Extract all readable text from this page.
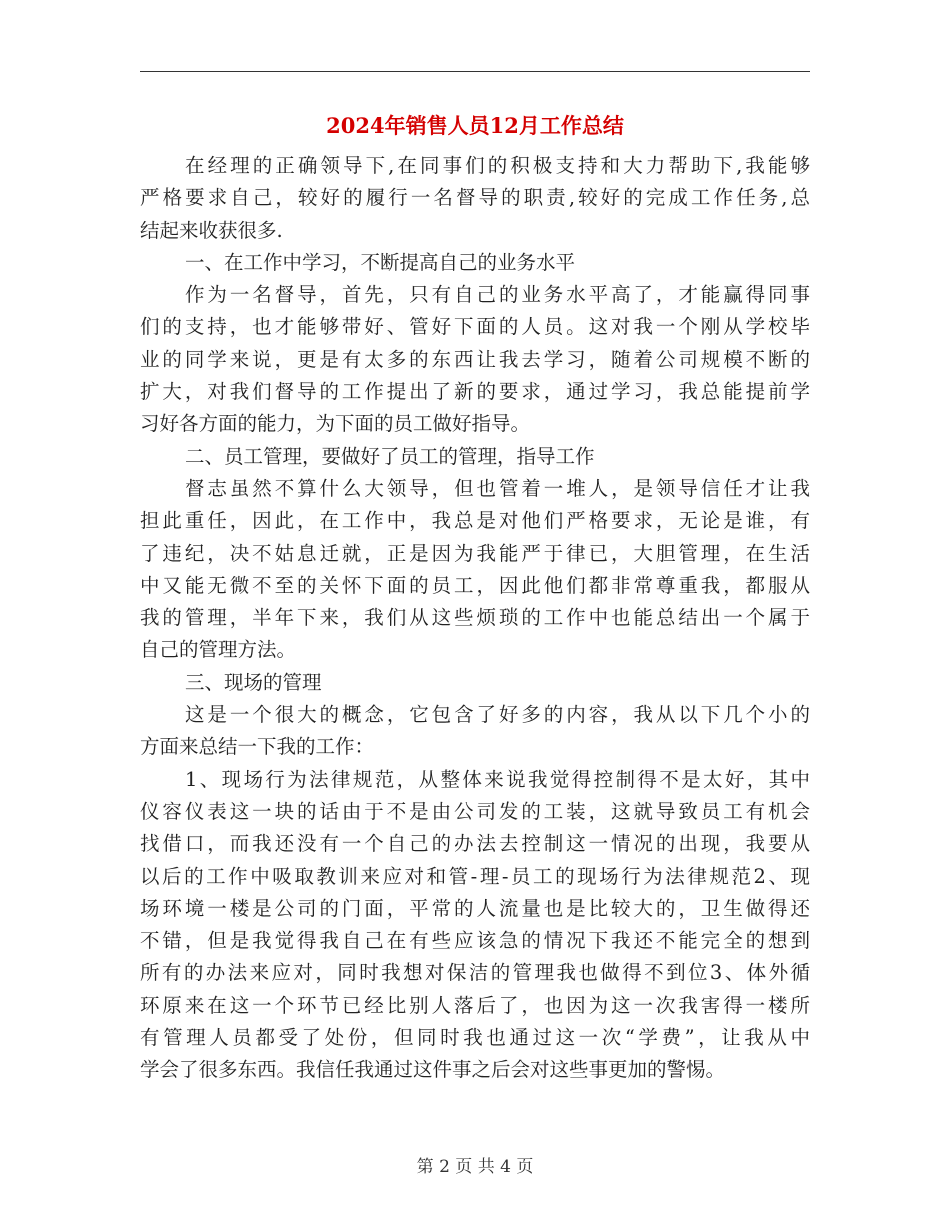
2024年销售人员12月工作总结
在经理的正确领导下,在同事们的积极支持和大力帮助下,我能够
严格要求自己，较好的履行一名督导的职责,较好的完成工作任务,总
结起来收获很多.
一、在工作中学习，不断提高自己的业务水平
作为一名督导，首先，只有自己的业务水平高了，才能赢得同事
们的支持，也才能够带好、管好下面的人员。这对我一个刚从学校毕
业的同学来说，更是有太多的东西让我去学习，随着公司规模不断的
扩大，对我们督导的工作提出了新的要求，通过学习，我总能提前学
习好各方面的能力，为下面的员工做好指导。
二、员工管理，要做好了员工的管理，指导工作
督志虽然不算什么大领导，但也管着一堆人，是领导信任才让我
担此重任，因此，在工作中，我总是对他们严格要求，无论是谁，有
了违纪，决不姑息迁就，正是因为我能严于律已，大胆管理，在生活
中又能无微不至的关怀下面的员工，因此他们都非常尊重我，都服从
我的管理，半年下来，我们从这些烦琐的工作中也能总结出一个属于
自己的管理方法。
三、现场的管理
这是一个很大的概念，它包含了好多的内容，我从以下几个小的
方面来总结一下我的工作：
1、现场行为法律规范，从整体来说我觉得控制得不是太好，其中
仪容仪表这一块的话由于不是由公司发的工装，这就导致员工有机会
找借口，而我还没有一个自己的办法去控制这一情况的出现，我要从
以后的工作中吸取教训来应对和管-理-员工的现场行为法律规范2、现
场环境一楼是公司的门面，平常的人流量也是比较大的，卫生做得还
不错，但是我觉得我自己在有些应该急的情况下我还不能完全的想到
所有的办法来应对，同时我想对保洁的管理我也做得不到位3、体外循
环原来在这一个环节已经比别人落后了，也因为这一次我害得一楼所
有管理人员都受了处份，但同时我也通过这一次“学费”，让我从中
学会了很多东西。我信任我通过这件事之后会对这些事更加的警惕。
第 2 页 共 4 页
